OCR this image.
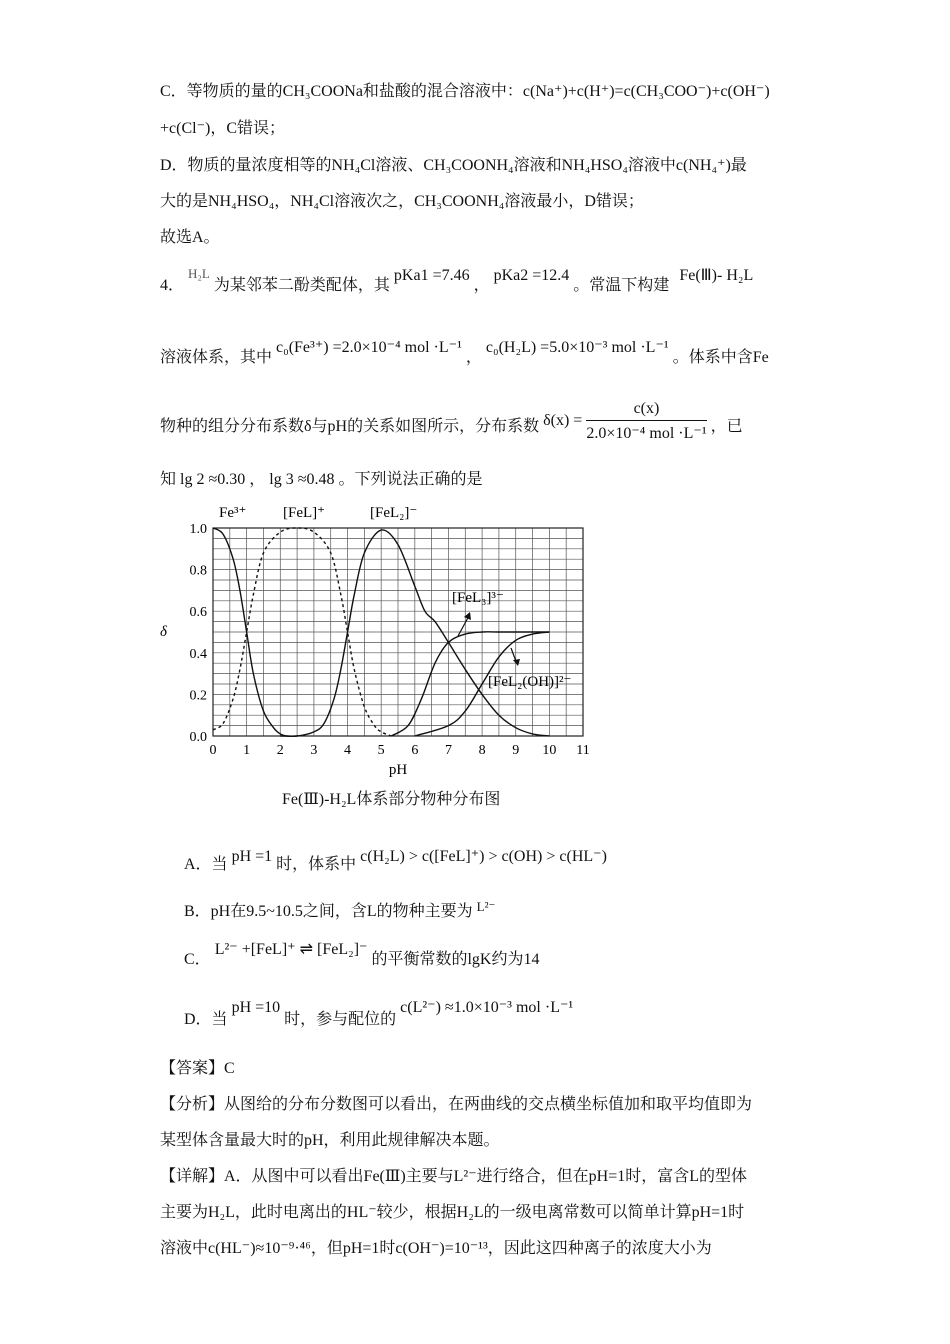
C．等物质的量的CH₃COONa和盐酸的混合溶液中：c(Na⁺)+c(H⁺)=c(CH₃COO⁻)+c(OH⁻)
+c(Cl⁻)，C错误；
D．物质的量浓度相等的NH₄Cl溶液、CH₃COONH₄溶液和NH₄HSO₄溶液中c(NH₄⁺)最
大的是NH₄HSO₄，NH₄Cl溶液次之，CH₃COONH₄溶液最小，D错误；
故选A。
4． H₂L 为某邻苯二酚类配体，其 pKa1 =7.46 ， pKa2 =12.4 。常温下构建 Fe(Ⅲ)- H₂L
溶液体系，其中 c₀(Fe³⁺) =2.0×10⁻⁴ mol ·L⁻¹ ， c₀(H₂L) =5.0×10⁻³ mol ·L⁻¹ 。体系中含Fe
物种的组分分布系数δ与pH的关系如图所示，分布系数 $\delta(x) = \frac{c(x)}{\text{2.0×10⁻⁴ mol ·L⁻¹}}$ ，已
知 lg 2 ≈0.30 ， lg 3 ≈0.48 。下列说法正确的是
0 1 2 3 4 5 6 7 8 9 10 11
0.0
0.2
0.4
0.6
0.8
1.0
pH
δ
Fe³⁺ [FeL]⁺	[FeL₂]⁻
[FeL₃]³⁻
[FeL₂(OH)]²⁻
Fe(Ⅲ)-H₂L体系部分物种分布图
A．当 pH =1 时，体系中 c(H₂L) > c([FeL]⁺) > c(OH) > c(HL⁻)
B．pH在9.5~10.5之间，含L的物种主要为 $^{L^{2-}}$
C． L²⁻ +[FeL]⁺ ⇌ [FeL₂]⁻ 的平衡常数的lgK约为14
D．当 pH =10 时，参与配位的 c(L²⁻) ≈1.0×10⁻³ mol ·L⁻¹
【答案】C
【分析】从图给的分布分数图可以看出，在两曲线的交点横坐标值加和取平均值即为
某型体含量最大时的pH，利用此规律解决本题。
【详解】A．从图中可以看出Fe(Ⅲ)主要与L²⁻进行络合，但在pH=1时，富含L的型体
主要为H₂L，此时电离出的HL⁻较少，根据H₂L的一级电离常数可以简单计算pH=1时
溶液中c(HL⁻)≈10⁻⁹·⁴⁶，但pH=1时c(OH⁻)=10⁻¹³，因此这四种离子的浓度大小为
